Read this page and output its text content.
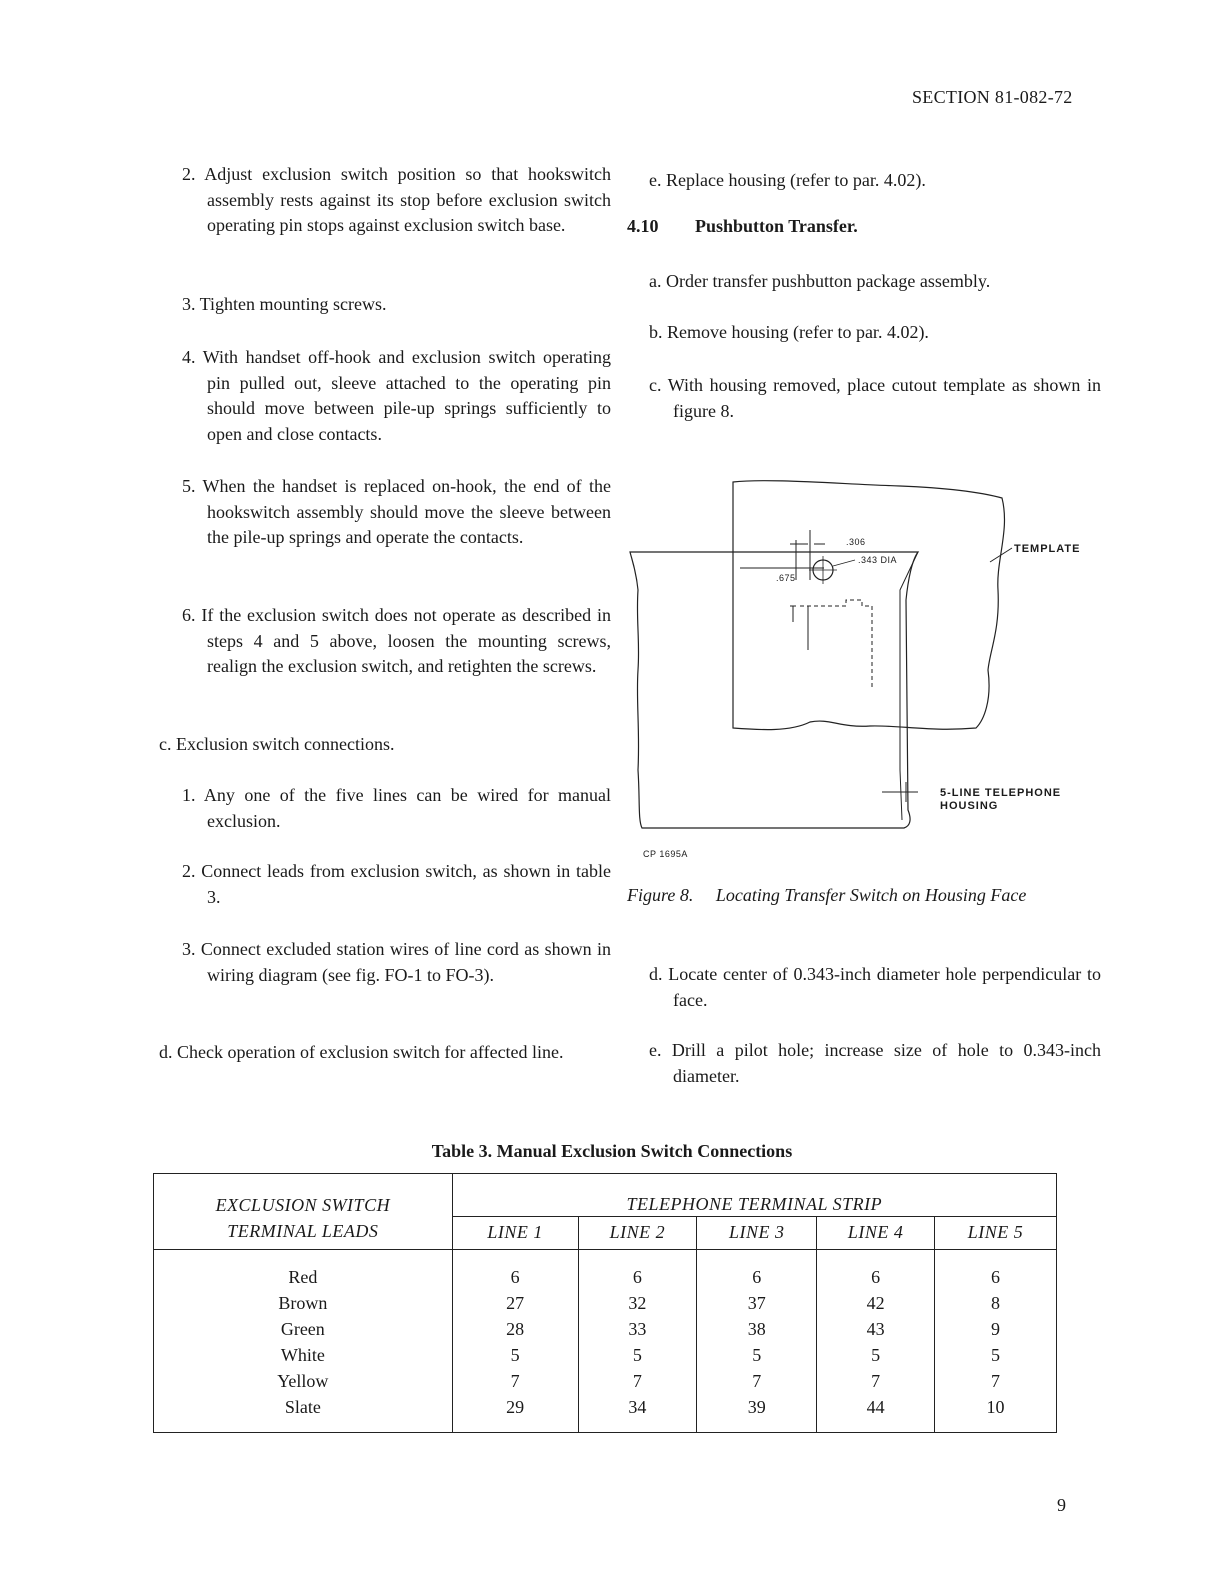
SECTION 81-082-72
2. Adjust exclusion switch position so that hookswitch assembly rests against its stop before exclusion switch operating pin stops against exclusion switch base.
3. Tighten mounting screws.
4. With handset off-hook and exclusion switch operating pin pulled out, sleeve attached to the operating pin should move between pile-up springs sufficiently to open and close contacts.
5. When the handset is replaced on-hook, the end of the hookswitch assembly should move the sleeve between the pile-up springs and operate the contacts.
6. If the exclusion switch does not operate as described in steps 4 and 5 above, loosen the mounting screws, realign the exclusion switch, and retighten the screws.
c. Exclusion switch connections.
1. Any one of the five lines can be wired for manual exclusion.
2. Connect leads from exclusion switch, as shown in table 3.
3. Connect excluded station wires of line cord as shown in wiring diagram (see fig. FO-1 to FO-3).
d. Check operation of exclusion switch for affected line.
e. Replace housing (refer to par. 4.02).
4.10 Pushbutton Transfer.
a. Order transfer pushbutton package assembly.
b. Remove housing (refer to par. 4.02).
c. With housing removed, place cutout template as shown in figure 8.
.306
.343 DIA
.675
TEMPLATE
5-LINE TELEPHONE
HOUSING
CP 1695A
Figure 8. Locating Transfer Switch on Housing Face
d. Locate center of 0.343-inch diameter hole perpendicular to face.
e. Drill a pilot hole; increase size of hole to 0.343-inch diameter.
Table 3. Manual Exclusion Switch Connections
EXCLUSION SWITCH
TERMINAL LEADS	TELEPHONE TERMINAL STRIP				
	LINE 1	LINE 2	LINE 3	LINE 4	LINE 5
Red	6	6	6	6	6
Brown	27	32	37	42	8
Green	28	33	38	43	9
White	5	5	5	5	5
Yellow	7	7	7	7	7
Slate	29	34	39	44	10
9
